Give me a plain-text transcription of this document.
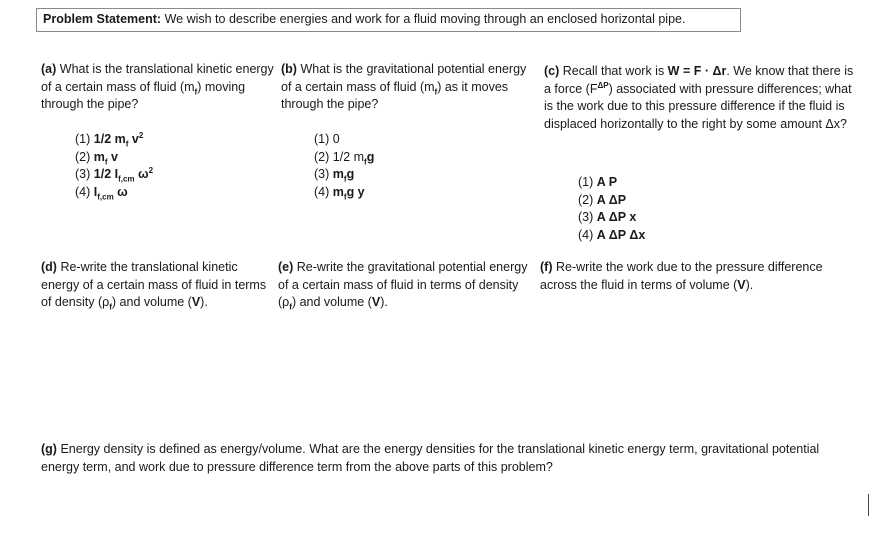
Problem Statement: We wish to describe energies and work for a fluid moving through an enclosed horizontal pipe.
(a) What is the translational kinetic energy of a certain mass of fluid $(m_f)$ moving through the pipe?
(1) 1/2 $m_f$ $v^2$
(2) $m_f$ v
(3) 1/2 $I_{f,cm}$ $\omega^2$
(4) $I_{f,cm}$ ω
(b) What is the gravitational potential energy of a certain mass of fluid $(m_f)$ as it moves through the pipe?
(1) 0
(2) 1/2 $m_fg$
(3) $m_fg$
(4) $m_fg$ y
(c) Recall that work is W = F · Δr. We know that there is a force $(F^{\Delta P})$ associated with pressure differences; what is the work due to this pressure difference if the fluid is displaced horizontally to the right by some amount Δx?
(1) A P
(2) A ΔP
(3) A ΔP x
(4) A ΔP Δx
(d) Re-write the translational kinetic energy of a certain mass of fluid in terms of density $(\rho_f)$ and volume (V).
(e) Re-write the gravitational potential energy of a certain mass of fluid in terms of density $(\rho_f)$ and volume (V).
(f) Re-write the work due to the pressure difference across the fluid in terms of volume (V).
(g) Energy density is defined as energy/volume. What are the energy densities for the translational kinetic energy term, gravitational potential energy term, and work due to pressure difference term from the above parts of this problem?
